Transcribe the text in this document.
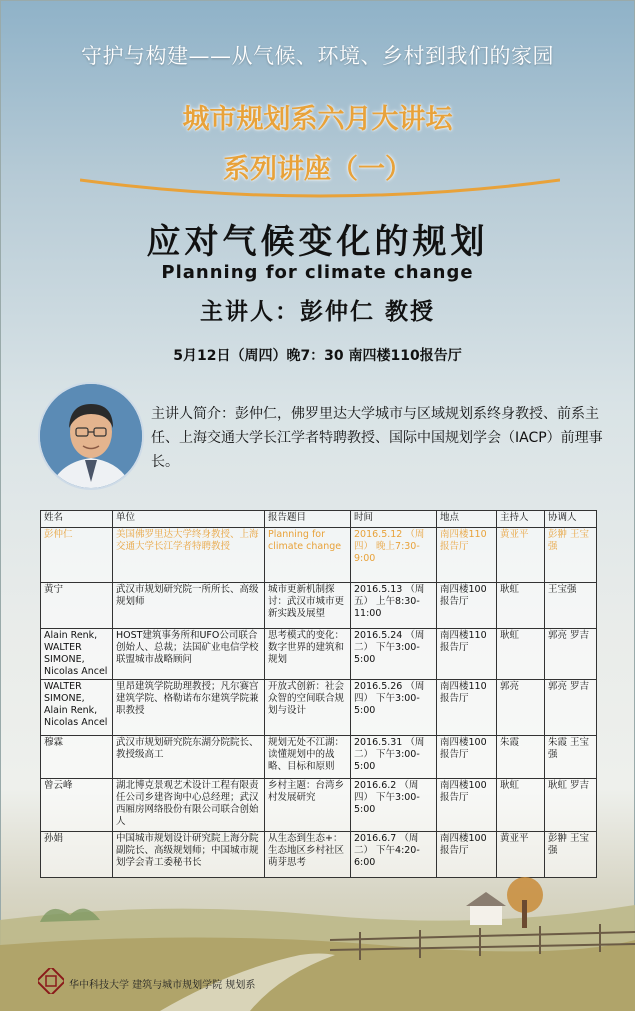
守护与构建——从气候、环境、乡村到我们的家园
城市规划系六月大讲坛
系列讲座（一）
应对气候变化的规划
Planning for climate change
主讲人：彭仲仁 教授
5月12日（周四）晚7：30 南四楼110报告厅
主讲人简介：彭仲仁，佛罗里达大学城市与区域规划系终身教授、前系主任、上海交通大学长江学者特聘教授、国际中国规划学会（IACP）前理事长。
姓名	单位	报告题目	时间	地点	主持人	协调人
彭仲仁	美国佛罗里达大学终身教授、上海交通大学长江学者特聘教授	Planning for climate change	2016.5.12 （周四） 晚上7:30-9:00	南四楼110报告厅	黄亚平	彭翀 王宝强
黄宁	武汉市规划研究院一所所长、高级规划师	城市更新机制探讨：武汉市城市更新实践及展望	2016.5.13 （周五） 上午8:30-11:00	南四楼100报告厅	耿虹	王宝强
Alain Renk, WALTER SIMONE, Nicolas Ancel	HOST建筑事务所和UFO公司联合创始人、总裁；法国矿业电信学校联盟城市战略顾问	思考模式的变化：数字世界的建筑和规划	2016.5.24 （周二） 下午3:00-5:00	南四楼110报告厅	耿虹	郭亮 罗吉
WALTER SIMONE, Alain Renk, Nicolas Ancel	里昂建筑学院助理教授；凡尔赛宫建筑学院、格勒诺布尔建筑学院兼职教授	开放式创新：社会众智的空间联合规划与设计	2016.5.26 （周四） 下午3:00-5:00	南四楼110报告厅	郭亮	郭亮 罗吉
穆霖	武汉市规划研究院东湖分院院长、教授级高工	规划无处不江湖：读懂规划中的战略、目标和原则	2016.5.31 （周二） 下午3:00-5:00	南四楼100报告厅	朱霞	朱霞 王宝强
曾云峰	湖北博克景观艺术设计工程有限责任公司乡建咨询中心总经理；武汉西厢房网络股份有限公司联合创始人	乡村主题：台湾乡村发展研究	2016.6.2 （周四） 下午3:00-5:00	南四楼100报告厅	耿虹	耿虹 罗吉
孙娟	中国城市规划设计研究院上海分院副院长、高级规划师；中国城市规划学会青工委秘书长	从生态到生态+：生态地区乡村社区萌芽思考	2016.6.7 （周二） 下午4:20-6:00	南四楼100报告厅	黄亚平	彭翀 王宝强
华中科技大学 建筑与城市规划学院 规划系
